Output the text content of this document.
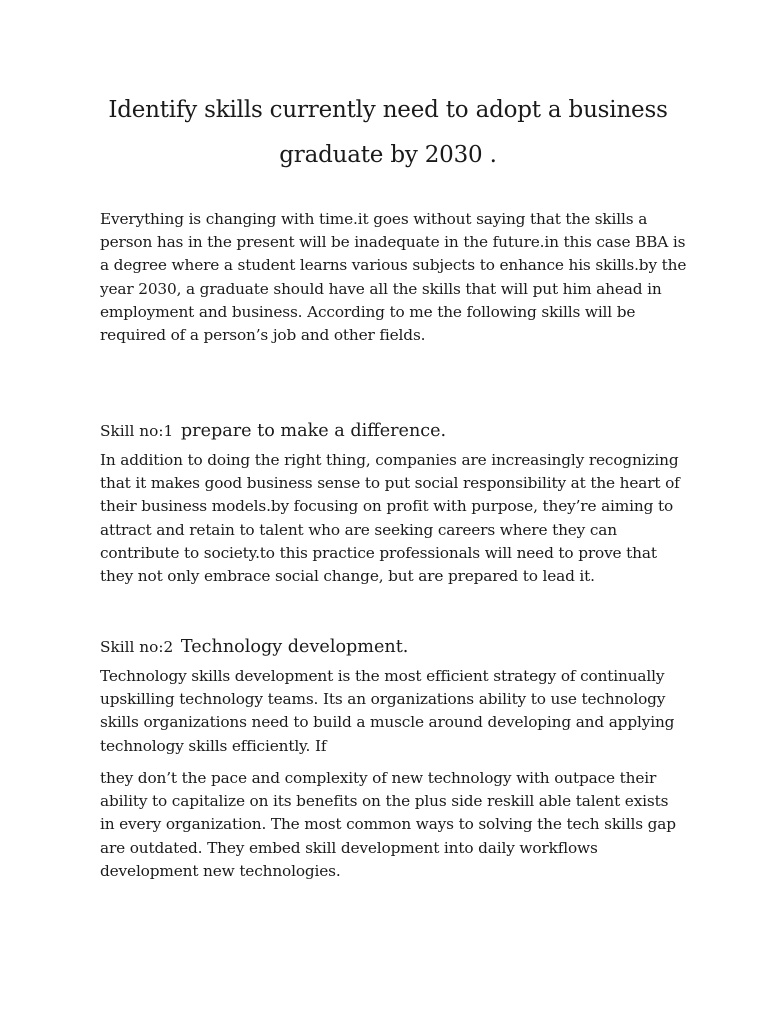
Identify skills currently need to adopt a business
graduate by 2030 .

Everything is changing with time.it goes without saying that the skills a
person has in the present will be inadequate in the future.in this case BBA is
a degree where a student learns various subjects to enhance his skills.by the
year 2030, a graduate should have all the skills that will put him ahead in
employment and business. According to me the following skills will be
required of a person’s job and other fields.

Skill no:1 prepare to make a difference.

In addition to doing the right thing, companies are increasingly recognizing
that it makes good business sense to put social responsibility at the heart of
their business models.by focusing on profit with purpose, they’re aiming to
attract and retain to talent who are seeking careers where they can
contribute to society.to this practice professionals will need to prove that
they not only embrace social change, but are prepared to lead it.

Skill no:2 Technology development.

Technology skills development is the most efficient strategy of continually
upskilling technology teams. Its an organizations ability to use technology
skills organizations need to build a muscle around developing and applying
technology skills efficiently. If

they don’t the pace and complexity of new technology with outpace their
ability to capitalize on its benefits on the plus side reskill able talent exists
in every organization. The most common ways to solving the tech skills gap
are outdated. They embed skill development into daily workflows
development new technologies.
